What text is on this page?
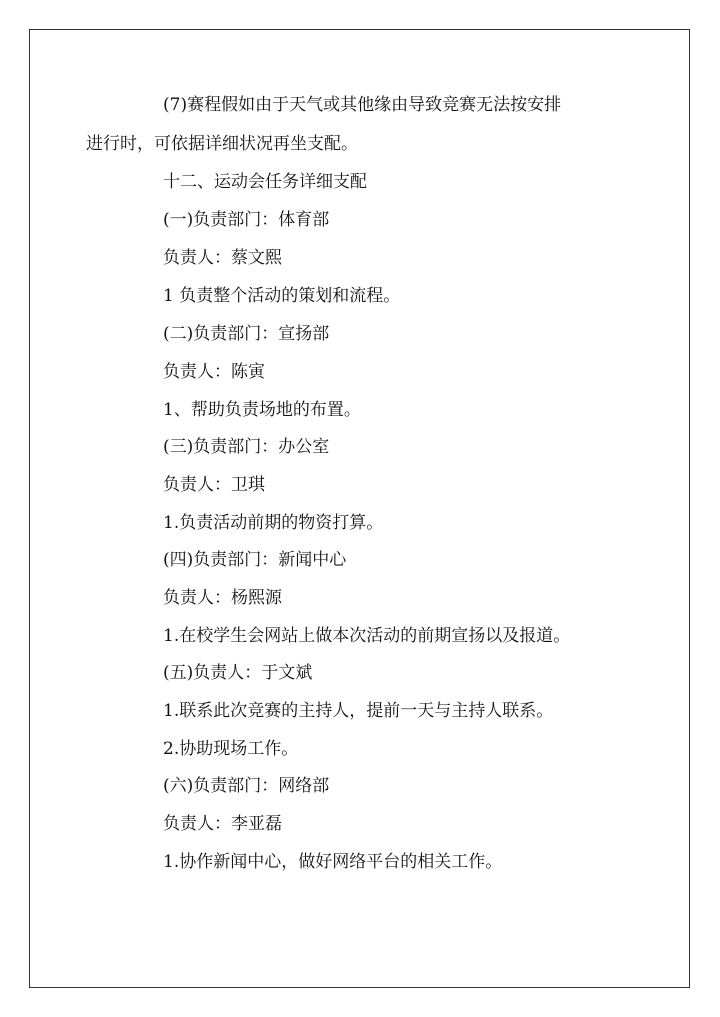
(7)赛程假如由于天气或其他缘由导致竞赛无法按安排
进行时，可依据详细状况再坐支配。
十二、运动会任务详细支配
(一)负责部门：体育部
负责人：蔡文熙
1 负责整个活动的策划和流程。
(二)负责部门：宣扬部
负责人：陈寅
1、帮助负责场地的布置。
(三)负责部门：办公室
负责人：卫琪
1.负责活动前期的物资打算。
(四)负责部门：新闻中心
负责人：杨熙源
1.在校学生会网站上做本次活动的前期宣扬以及报道。
(五)负责人：于文斌
1.联系此次竞赛的主持人，提前一天与主持人联系。
2.协助现场工作。
(六)负责部门：网络部
负责人：李亚磊
1.协作新闻中心，做好网络平台的相关工作。
